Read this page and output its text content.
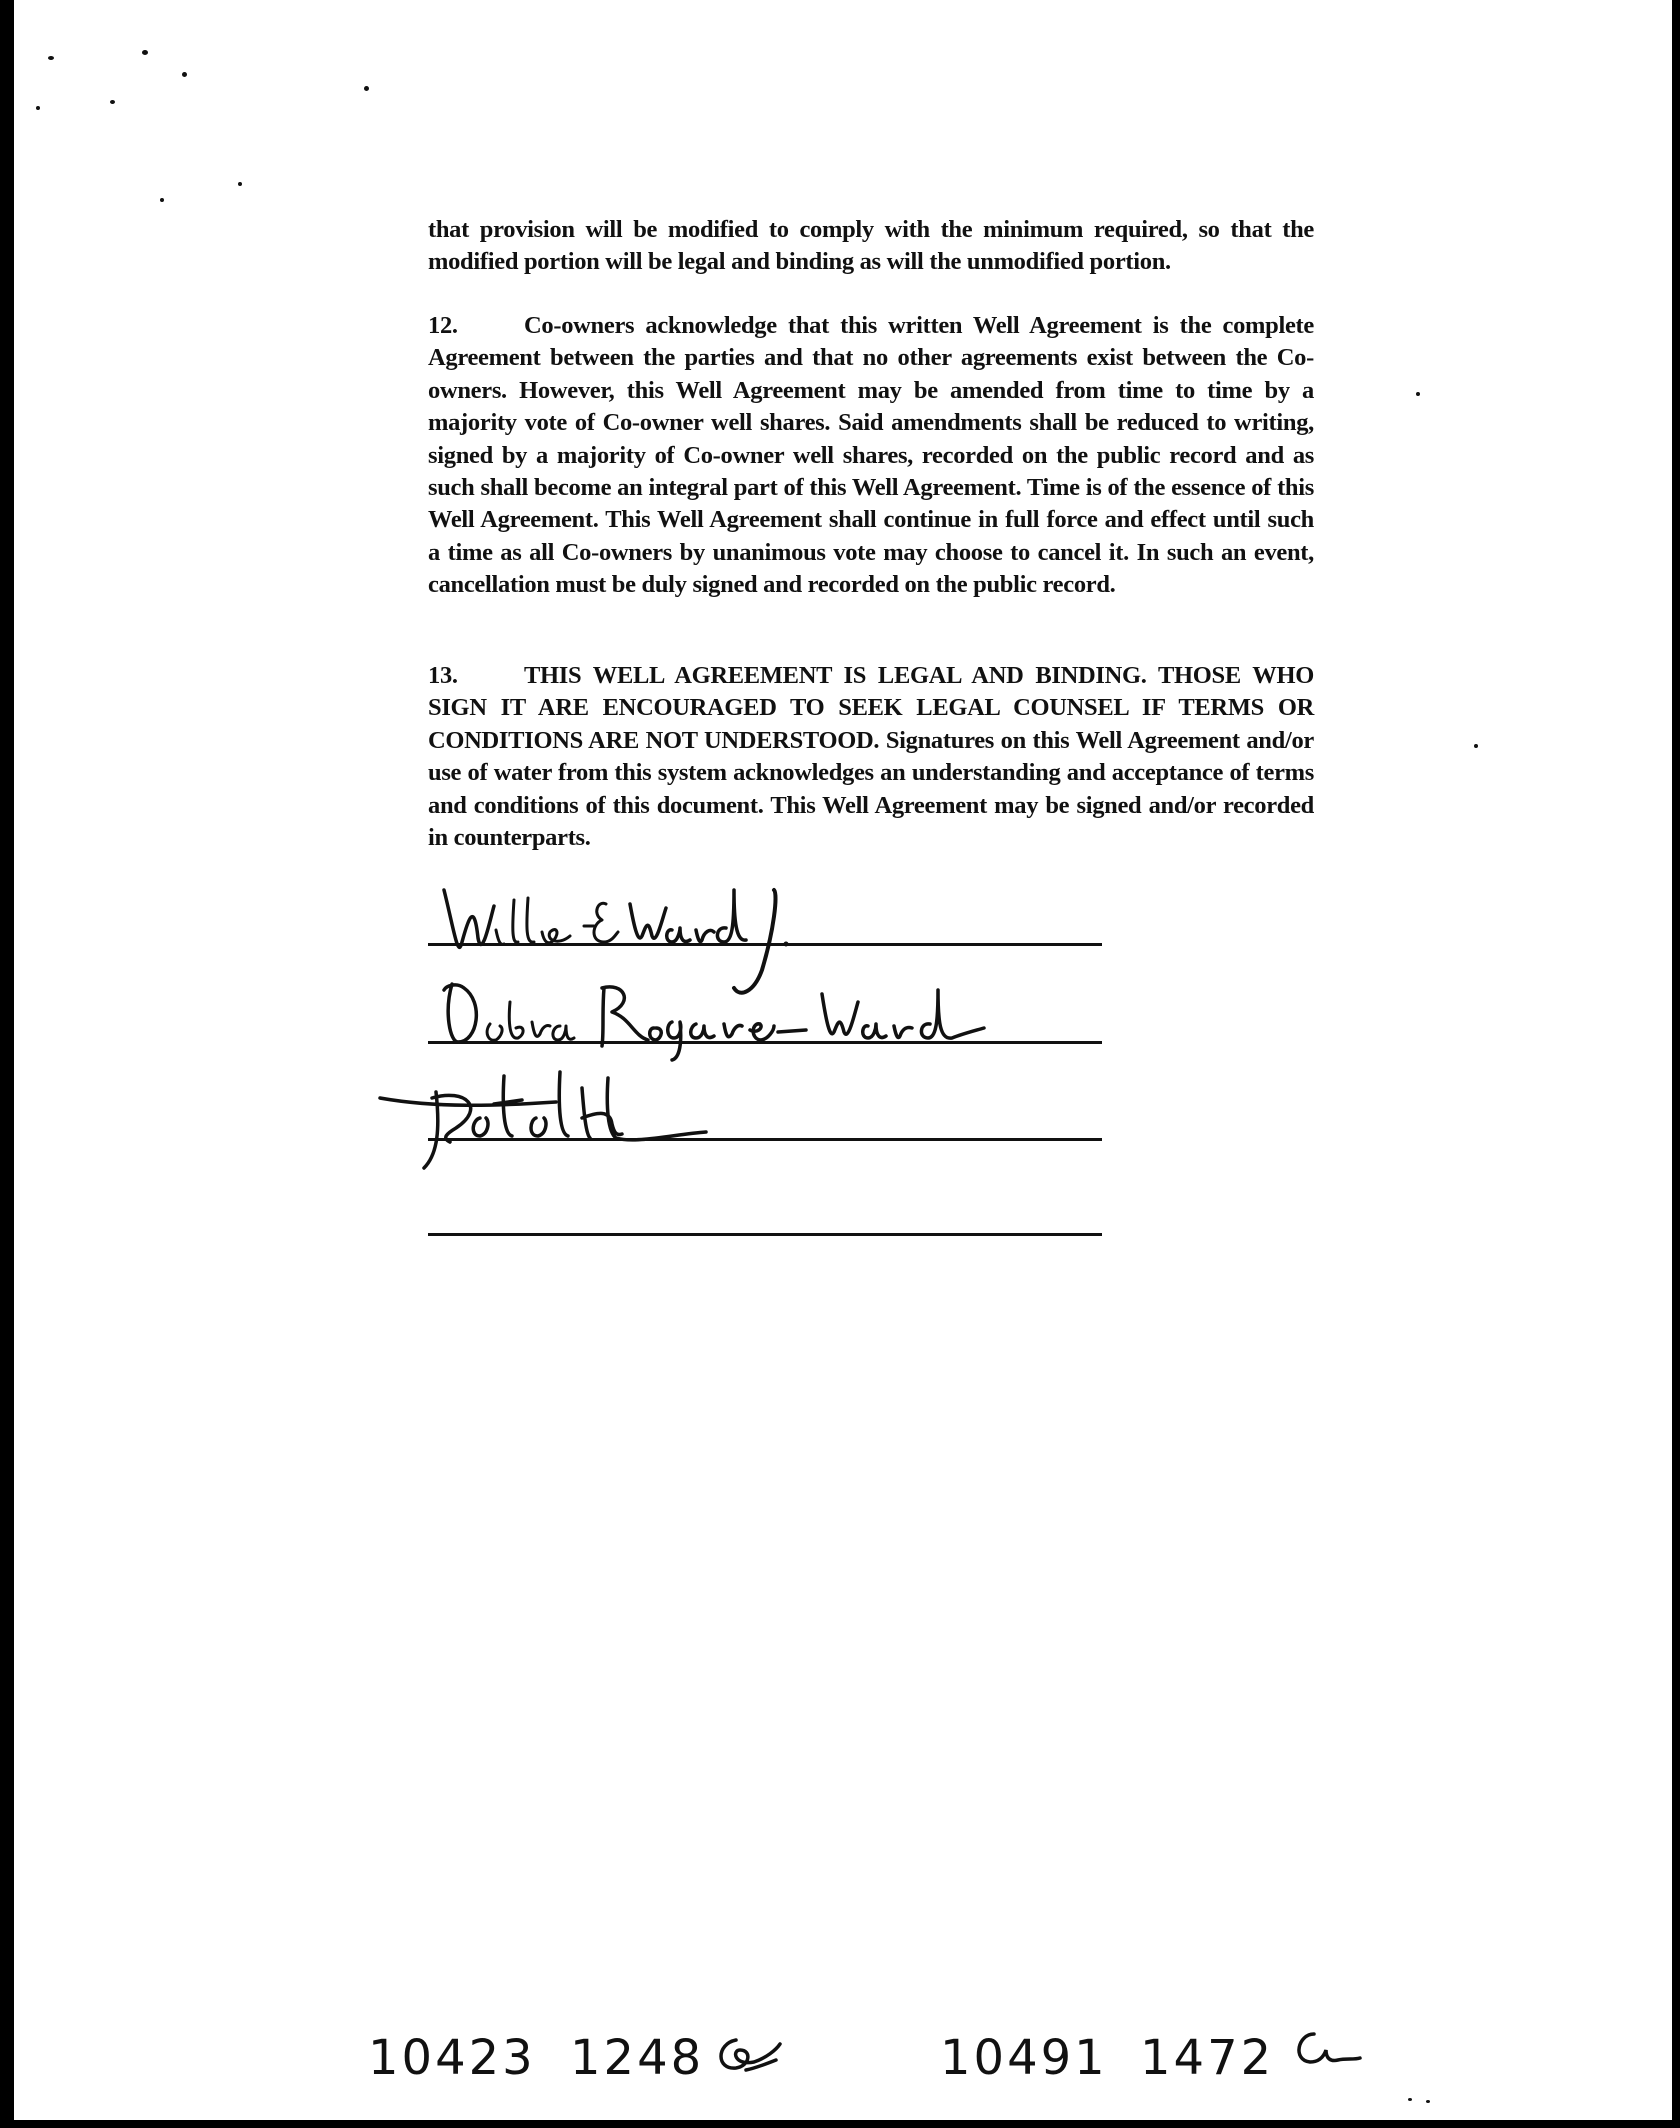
that provision will be modified to comply with the minimum required, so that the modified portion will be legal and binding as will the unmodified portion.

12.	Co-owners acknowledge that this written Well Agreement is the complete Agreement between the parties and that no other agreements exist between the Co-owners. However, this Well Agreement may be amended from time to time by a majority vote of Co-owner well shares. Said amendments shall be reduced to writing, signed by a majority of Co-owner well shares, recorded on the public record and as such shall become an integral part of this Well Agreement. Time is of the essence of this Well Agreement. This Well Agreement shall continue in full force and effect until such a time as all Co-owners by unanimous vote may choose to cancel it. In such an event, cancellation must be duly signed and recorded on the public record.

13.	THIS WELL AGREEMENT IS LEGAL AND BINDING. THOSE WHO SIGN IT ARE ENCOURAGED TO SEEK LEGAL COUNSEL IF TERMS OR CONDITIONS ARE NOT UNDERSTOOD. Signatures on this Well Agreement and/or use of water from this system acknowledges an understanding and acceptance of terms and conditions of this document. This Well Agreement may be signed and/or recorded in counterparts.

10423 1248	10491 1472
